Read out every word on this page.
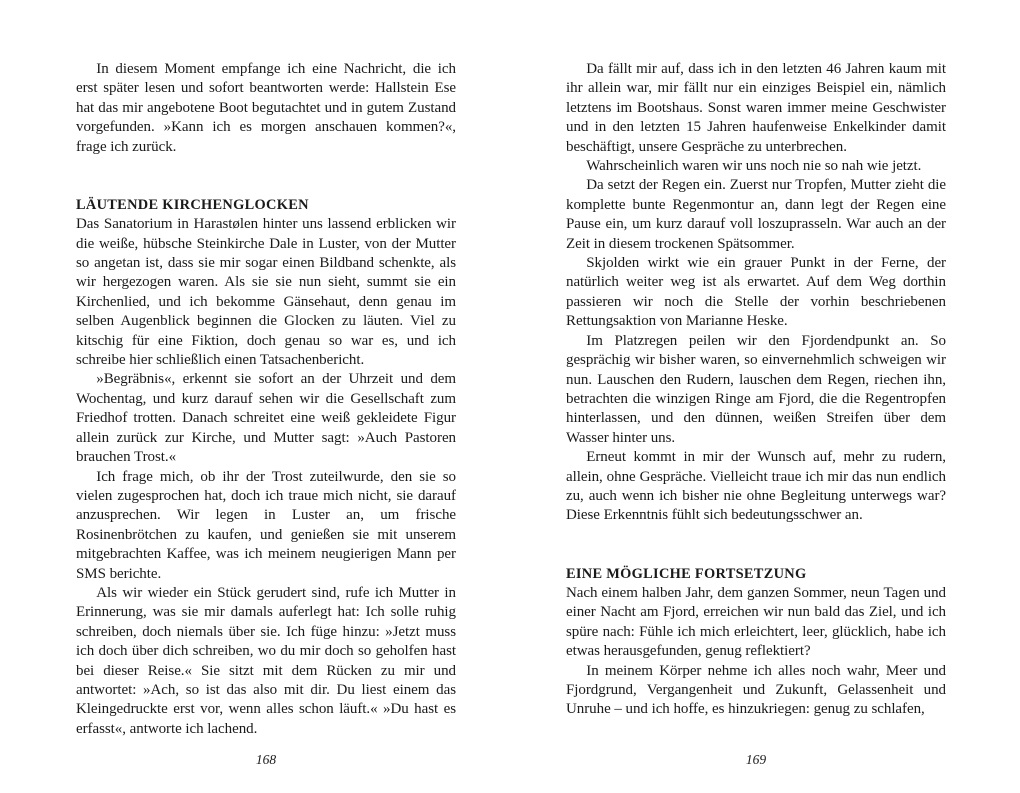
In diesem Moment empfange ich eine Nachricht, die ich erst später lesen und sofort beantworten werde: Hallstein Ese hat das mir angebotene Boot begutachtet und in gutem Zustand vorgefunden. »Kann ich es morgen anschauen kommen?«, frage ich zurück.

LÄUTENDE KIRCHENGLOCKEN

Das Sanatorium in Harastølen hinter uns lassend erblicken wir die weiße, hübsche Steinkirche Dale in Luster, von der Mutter so angetan ist, dass sie mir sogar einen Bildband schenkte, als wir hergezogen waren. Als sie sie nun sieht, summt sie ein Kirchenlied, und ich bekomme Gänsehaut, denn genau im selben Augenblick beginnen die Glocken zu läuten. Viel zu kitschig für eine Fiktion, doch genau so war es, und ich schreibe hier schließlich einen Tatsachenbericht.

»Begräbnis«, erkennt sie sofort an der Uhrzeit und dem Wochentag, und kurz darauf sehen wir die Gesellschaft zum Friedhof trotten. Danach schreitet eine weiß gekleidete Figur allein zurück zur Kirche, und Mutter sagt: »Auch Pastoren brauchen Trost.«

Ich frage mich, ob ihr der Trost zuteilwurde, den sie so vielen zugesprochen hat, doch ich traue mich nicht, sie darauf anzusprechen. Wir legen in Luster an, um frische Rosinenbrötchen zu kaufen, und genießen sie mit unserem mitgebrachten Kaffee, was ich meinem neugierigen Mann per SMS berichte.

Als wir wieder ein Stück gerudert sind, rufe ich Mutter in Erinnerung, was sie mir damals auferlegt hat: Ich solle ruhig schreiben, doch niemals über sie. Ich füge hinzu: »Jetzt muss ich doch über dich schreiben, wo du mir doch so geholfen hast bei dieser Reise.« Sie sitzt mit dem Rücken zu mir und antwortet: »Ach, so ist das also mit dir. Du liest einem das Kleingedruckte erst vor, wenn alles schon läuft.« »Du hast es erfasst«, antworte ich lachend.

168

Da fällt mir auf, dass ich in den letzten 46 Jahren kaum mit ihr allein war, mir fällt nur ein einziges Beispiel ein, nämlich letztens im Bootshaus. Sonst waren immer meine Geschwister und in den letzten 15 Jahren haufenweise Enkelkinder damit beschäftigt, unsere Gespräche zu unterbrechen.

Wahrscheinlich waren wir uns noch nie so nah wie jetzt.

Da setzt der Regen ein. Zuerst nur Tropfen, Mutter zieht die komplette bunte Regenmontur an, dann legt der Regen eine Pause ein, um kurz darauf voll loszuprasseln. War auch an der Zeit in diesem trockenen Spätsommer.

Skjolden wirkt wie ein grauer Punkt in der Ferne, der natürlich weiter weg ist als erwartet. Auf dem Weg dorthin passieren wir noch die Stelle der vorhin beschriebenen Rettungsaktion von Marianne Heske.

Im Platzregen peilen wir den Fjordendpunkt an. So gesprächig wir bisher waren, so einvernehmlich schweigen wir nun. Lauschen den Rudern, lauschen dem Regen, riechen ihn, betrachten die winzigen Ringe am Fjord, die die Regentropfen hinterlassen, und den dünnen, weißen Streifen über dem Wasser hinter uns.

Erneut kommt in mir der Wunsch auf, mehr zu rudern, allein, ohne Gespräche. Vielleicht traue ich mir das nun endlich zu, auch wenn ich bisher nie ohne Begleitung unterwegs war? Diese Erkenntnis fühlt sich bedeutungsschwer an.

EINE MÖGLICHE FORTSETZUNG

Nach einem halben Jahr, dem ganzen Sommer, neun Tagen und einer Nacht am Fjord, erreichen wir nun bald das Ziel, und ich spüre nach: Fühle ich mich erleichtert, leer, glücklich, habe ich etwas herausgefunden, genug reflektiert?

In meinem Körper nehme ich alles noch wahr, Meer und Fjordgrund, Vergangenheit und Zukunft, Gelassenheit und Unruhe – und ich hoffe, es hinzukriegen: genug zu schlafen,

169
